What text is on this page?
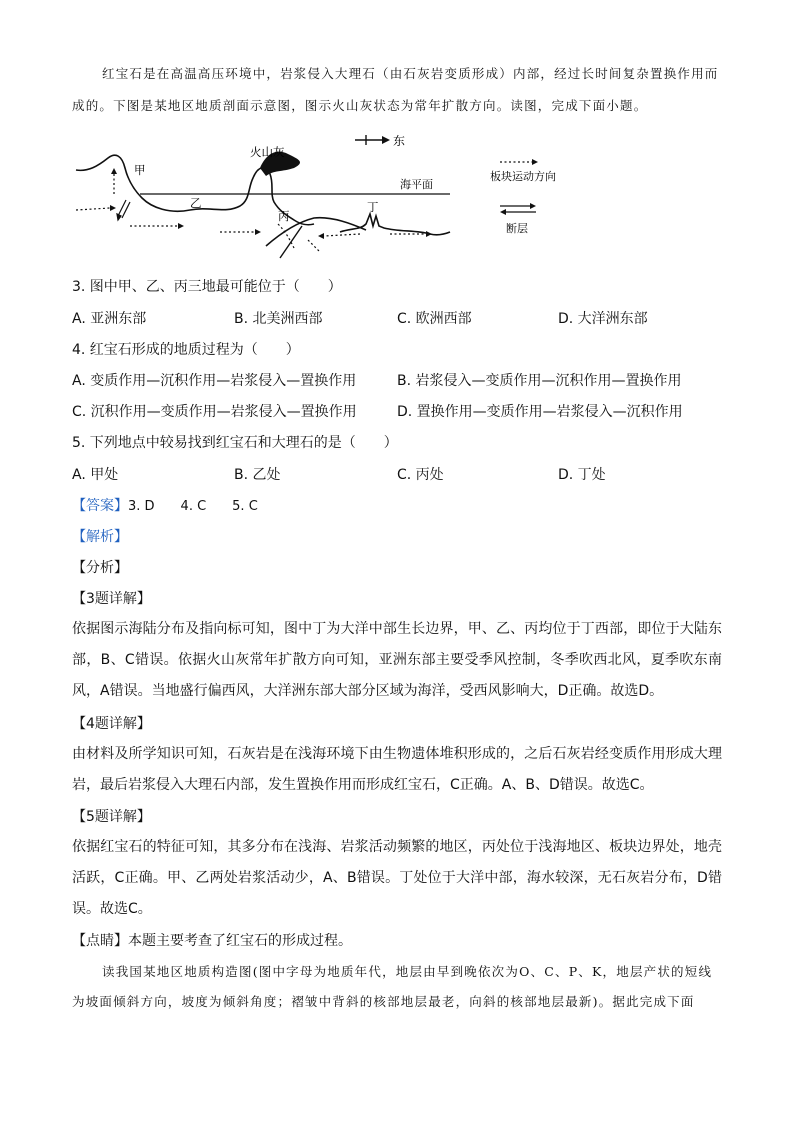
红宝石是在高温高压环境中，岩浆侵入大理石（由石灰岩变质形成）内部，经过长时间复杂置换作用而成的。下图是某地区地质剖面示意图，图示火山灰状态为常年扩散方向。读图，完成下面小题。
东
海平面
火山灰
甲
乙
丙
丁
板块运动方向
断层
3. 图中甲、乙、丙三地最可能位于（　　）
A. 亚洲东部	B. 北美洲西部	C. 欧洲西部	D. 大洋洲东部
4. 红宝石形成的地质过程为（　　）
A. 变质作用—沉积作用—岩浆侵入—置换作用	B. 岩浆侵入—变质作用—沉积作用—置换作用
C. 沉积作用—变质作用—岩浆侵入—置换作用	D. 置换作用—变质作用—岩浆侵入—沉积作用
5. 下列地点中较易找到红宝石和大理石的是（　　）
A. 甲处	B. 乙处	C. 丙处	D. 丁处
【答案】3. D　　4. C　　5. C
【解析】
【分析】
【3题详解】
依据图示海陆分布及指向标可知，图中丁为大洋中部生长边界，甲、乙、丙均位于丁西部，即位于大陆东部，B、C错误。依据火山灰常年扩散方向可知，亚洲东部主要受季风控制，冬季吹西北风，夏季吹东南风，A错误。当地盛行偏西风，大洋洲东部大部分区域为海洋，受西风影响大，D正确。故选D。
【4题详解】
由材料及所学知识可知，石灰岩是在浅海环境下由生物遗体堆积形成的，之后石灰岩经变质作用形成大理岩，最后岩浆侵入大理石内部，发生置换作用而形成红宝石，C正确。A、B、D错误。故选C。
【5题详解】
依据红宝石的特征可知，其多分布在浅海、岩浆活动频繁的地区，丙处位于浅海地区、板块边界处，地壳活跃，C正确。甲、乙两处岩浆活动少，A、B错误。丁处位于大洋中部，海水较深，无石灰岩分布，D错误。故选C。
【点睛】本题主要考查了红宝石的形成过程。
读我国某地区地质构造图(图中字母为地质年代，地层由早到晚依次为O、C、P、K，地层产状的短线为坡面倾斜方向，坡度为倾斜角度；褶皱中背斜的核部地层最老，向斜的核部地层最新)。据此完成下面
